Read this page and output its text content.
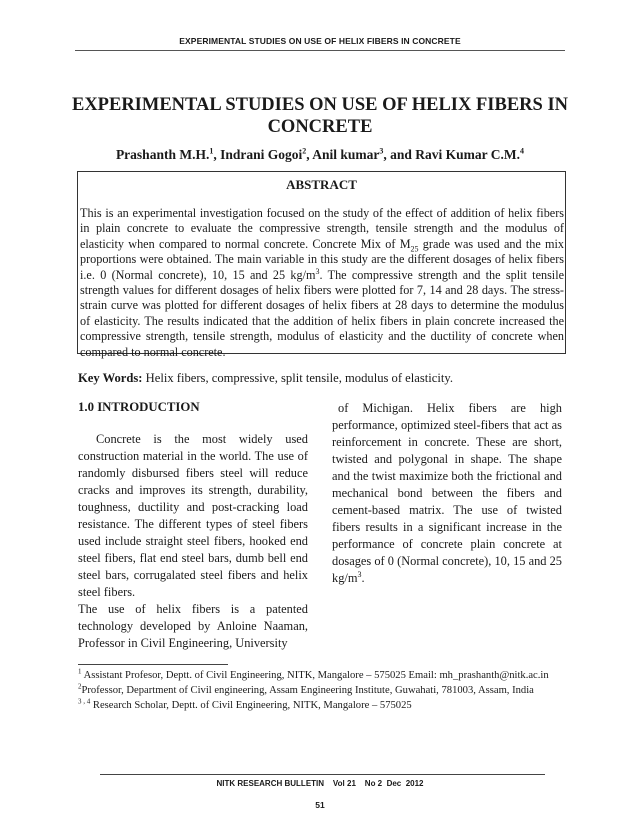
EXPERIMENTAL STUDIES ON USE OF HELIX FIBERS IN CONCRETE
EXPERIMENTAL STUDIES ON USE OF HELIX FIBERS IN CONCRETE
Prashanth M.H.$^1$, Indrani Gogoi$^2$, Anil kumar$^3$, and Ravi Kumar C.M.$^4$
ABSTRACT

This is an experimental investigation focused on the study of the effect of addition of helix fibers in plain concrete to evaluate the compressive strength, tensile strength and the modulus of elasticity when compared to normal concrete. Concrete Mix of $M_{25}$ grade was used and the mix proportions were obtained. The main variable in this study are the different dosages of helix fibers i.e. 0 (Normal concrete), 10, 15 and 25 $kg/m^3$. The compressive strength and the split tensile strength values for different dosages of helix fibers were plotted for 7, 14 and 28 days. The stress-strain curve was plotted for different dosages of helix fibers at 28 days to determine the modulus of elasticity. The results indicated that the addition of helix fibers in plain concrete increased the compressive strength, tensile strength, modulus of elasticity and the ductility of concrete when compared to normal concrete.

Key Words: Helix fibers, compressive, split tensile, modulus of elasticity.

1.0 INTRODUCTION

Concrete is the most widely used construction material in the world. The use of randomly disbursed fibers steel will reduce cracks and improves its strength, durability, toughness, ductility and post-cracking load resistance. The different types of steel fibers used include straight steel fibers, hooked end steel fibers, flat end steel bars, dumb bell end steel bars, corrugalated steel fibers and helix steel fibers.

The use of helix fibers is a patented technology developed by Anloine Naaman, Professor in Civil Engineering, University

of Michigan. Helix fibers are high performance, optimized steel-fibers that act as reinforcement in concrete. These are short, twisted and polygonal in shape. The shape and the twist maximize both the frictional and mechanical bond between the fibers and cement-based matrix. The use of twisted fibers results in a significant increase in the performance of concrete plain concrete at dosages of 0 (Normal concrete), 10, 15 and 25 $kg/m^3$.

$^1$ Assistant Profesor, Deptt. of Civil Engineering, NITK, Mangalore – 575025 Email: mh_prashanth@nitk.ac.in

$^2$Professor, Department of Civil engineering, Assam Engineering Institute, Guwahati, 781003, Assam, India

$^{3 , 4}$ Research Scholar, Deptt. of Civil Engineering, NITK, Mangalore – 575025

NITK RESEARCH BULLETIN    Vol 21    No 2  Dec  2012
51
